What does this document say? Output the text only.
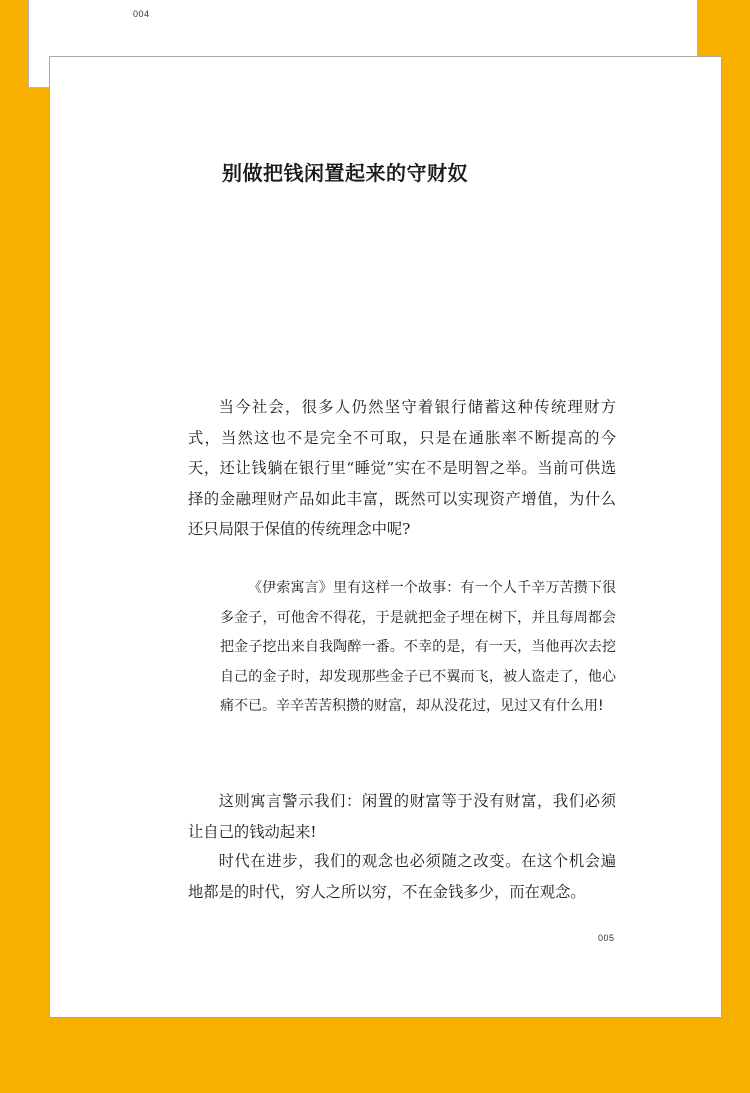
004
别做把钱闲置起来的守财奴

当今社会，很多人仍然坚守着银行储蓄这种传统理财方式，当然这也不是完全不可取，只是在通胀率不断提高的今天，还让钱躺在银行里“睡觉”实在不是明智之举。当前可供选择的金融理财产品如此丰富，既然可以实现资产增值，为什么还只局限于保值的传统理念中呢?

《伊索寓言》里有这样一个故事：有一个人千辛万苦攒下很多金子，可他舍不得花，于是就把金子埋在树下，并且每周都会把金子挖出来自我陶醉一番。不幸的是，有一天，当他再次去挖自己的金子时，却发现那些金子已不翼而飞，被人盗走了，他心痛不已。辛辛苦苦积攒的财富，却从没花过，见过又有什么用!

这则寓言警示我们：闲置的财富等于没有财富，我们必须让自己的钱动起来!

时代在进步，我们的观念也必须随之改变。在这个机会遍地都是的时代，穷人之所以穷，不在金钱多少，而在观念。

005
